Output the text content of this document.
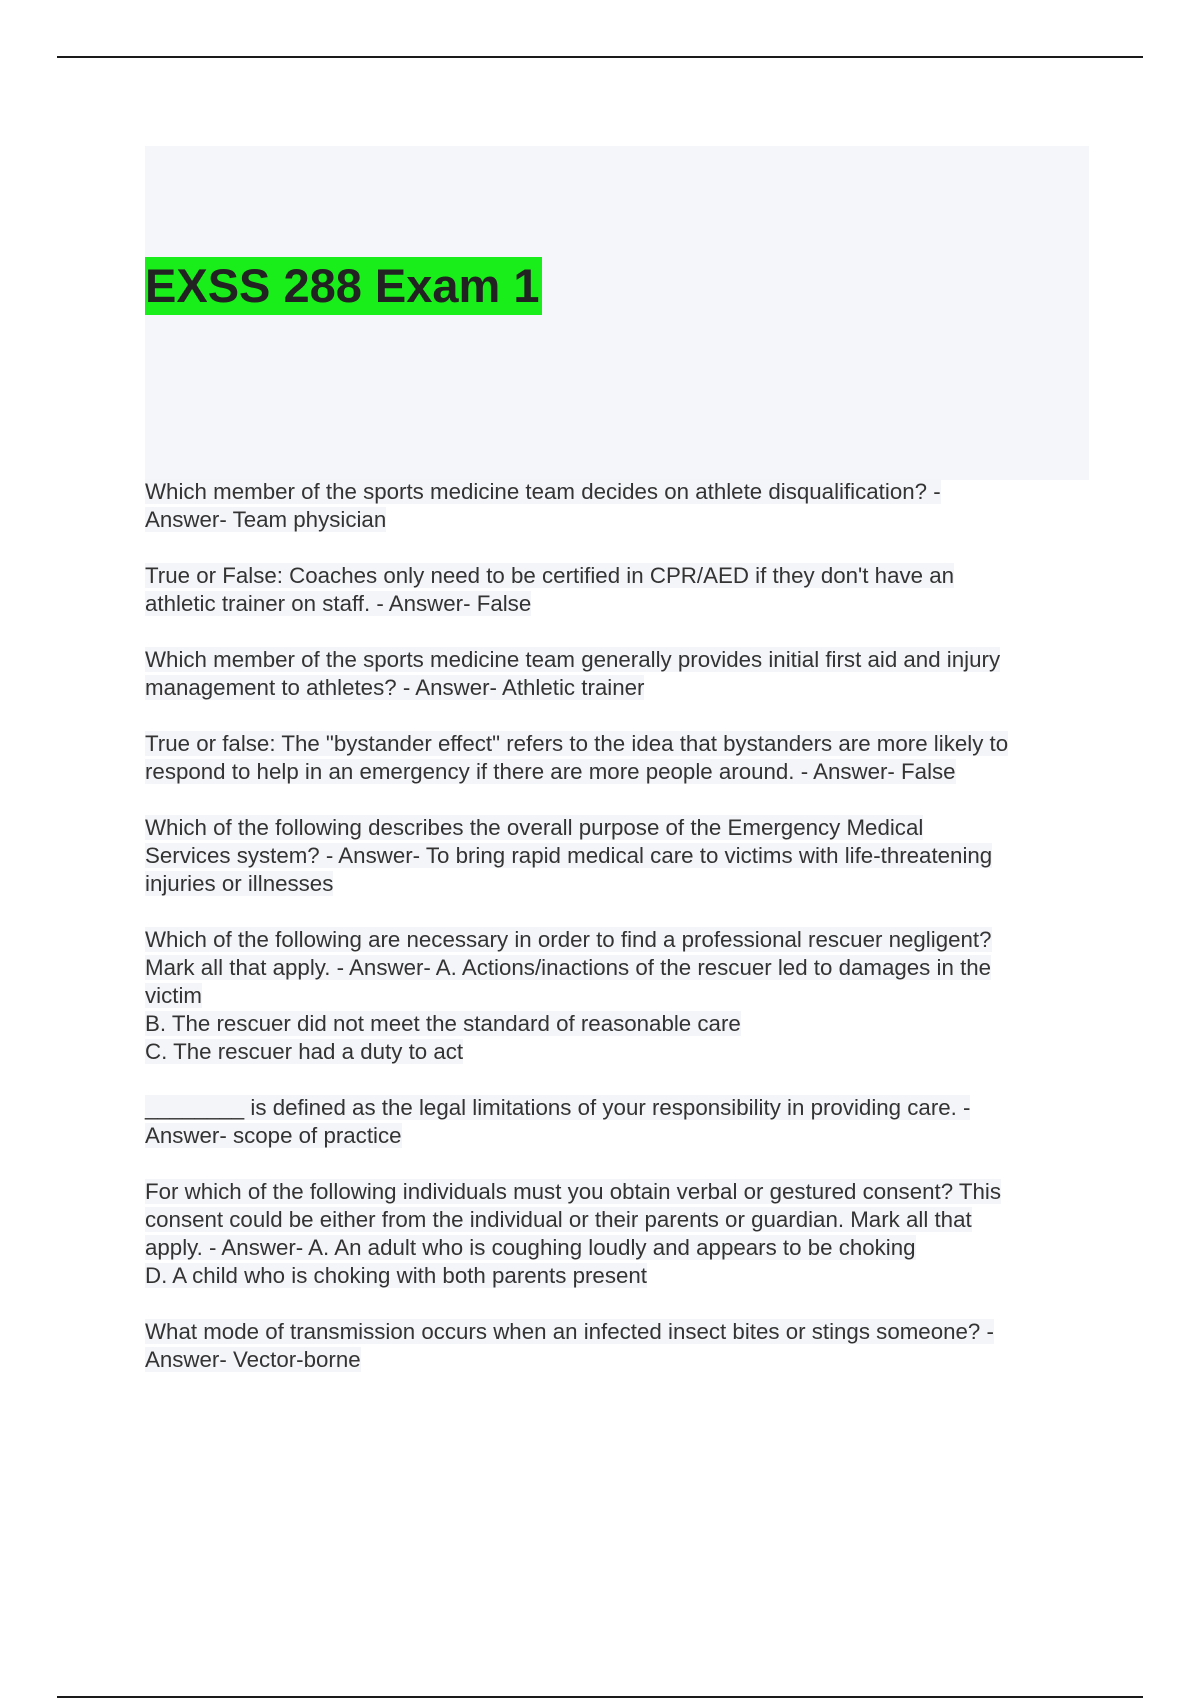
EXSS 288 Exam 1
Which member of the sports medicine team decides on athlete disqualification? -
Answer- Team physician
True or False: Coaches only need to be certified in CPR/AED if they don't have an
athletic trainer on staff. - Answer- False
Which member of the sports medicine team generally provides initial first aid and injury
management to athletes? - Answer- Athletic trainer
True or false: The "bystander effect" refers to the idea that bystanders are more likely to
respond to help in an emergency if there are more people around. - Answer- False
Which of the following describes the overall purpose of the Emergency Medical
Services system? - Answer- To bring rapid medical care to victims with life-threatening
injuries or illnesses
Which of the following are necessary in order to find a professional rescuer negligent?
Mark all that apply. - Answer- A. Actions/inactions of the rescuer led to damages in the
victim
B. The rescuer did not meet the standard of reasonable care
C. The rescuer had a duty to act
________ is defined as the legal limitations of your responsibility in providing care. -
Answer- scope of practice
For which of the following individuals must you obtain verbal or gestured consent? This
consent could be either from the individual or their parents or guardian. Mark all that
apply. - Answer- A. An adult who is coughing loudly and appears to be choking
D. A child who is choking with both parents present
What mode of transmission occurs when an infected insect bites or stings someone? -
Answer- Vector-borne
